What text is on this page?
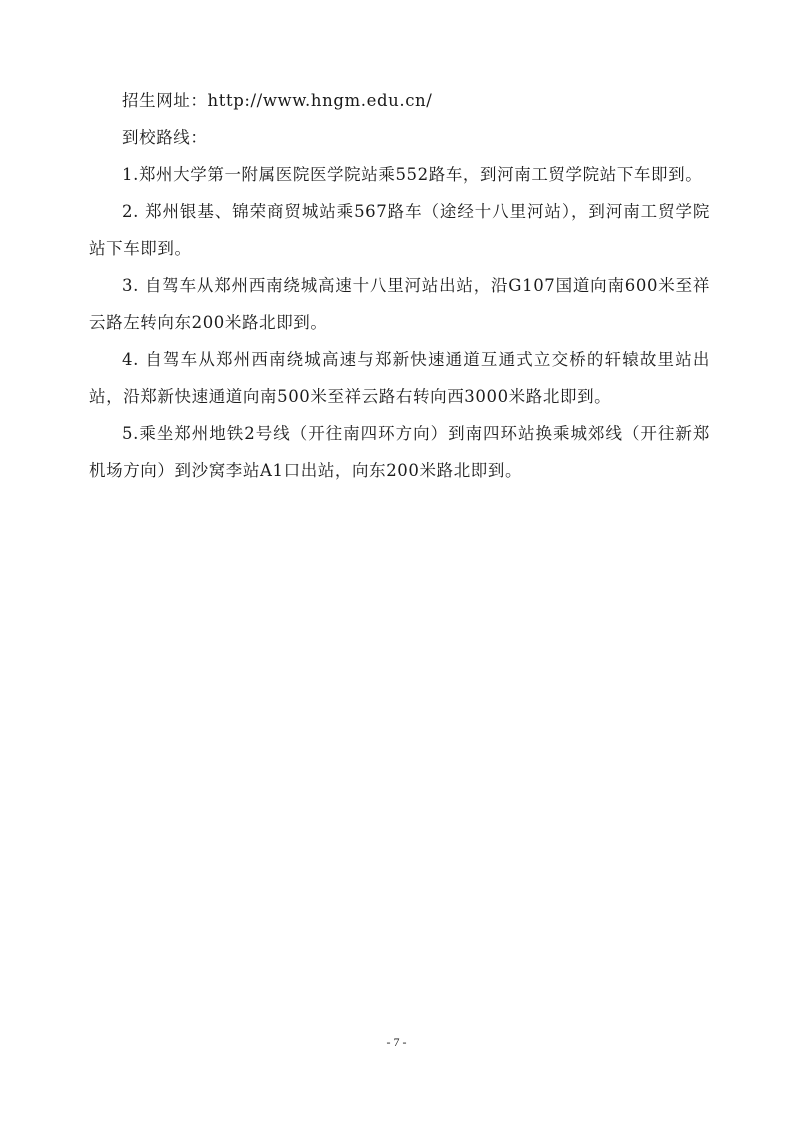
招生网址：http://www.hngm.edu.cn/

到校路线：

1.郑州大学第一附属医院医学院站乘552路车，到河南工贸学院站下车即到。

2. 郑州银基、锦荣商贸城站乘567路车（途经十八里河站），到河南工贸学院站下车即到。

3. 自驾车从郑州西南绕城高速十八里河站出站，沿G107国道向南600米至祥云路左转向东200米路北即到。

4. 自驾车从郑州西南绕城高速与郑新快速通道互通式立交桥的轩辕故里站出站，沿郑新快速通道向南500米至祥云路右转向西3000米路北即到。

5.乘坐郑州地铁2号线（开往南四环方向）到南四环站换乘城郊线（开往新郑机场方向）到沙窝李站A1口出站，向东200米路北即到。

- 7 -
